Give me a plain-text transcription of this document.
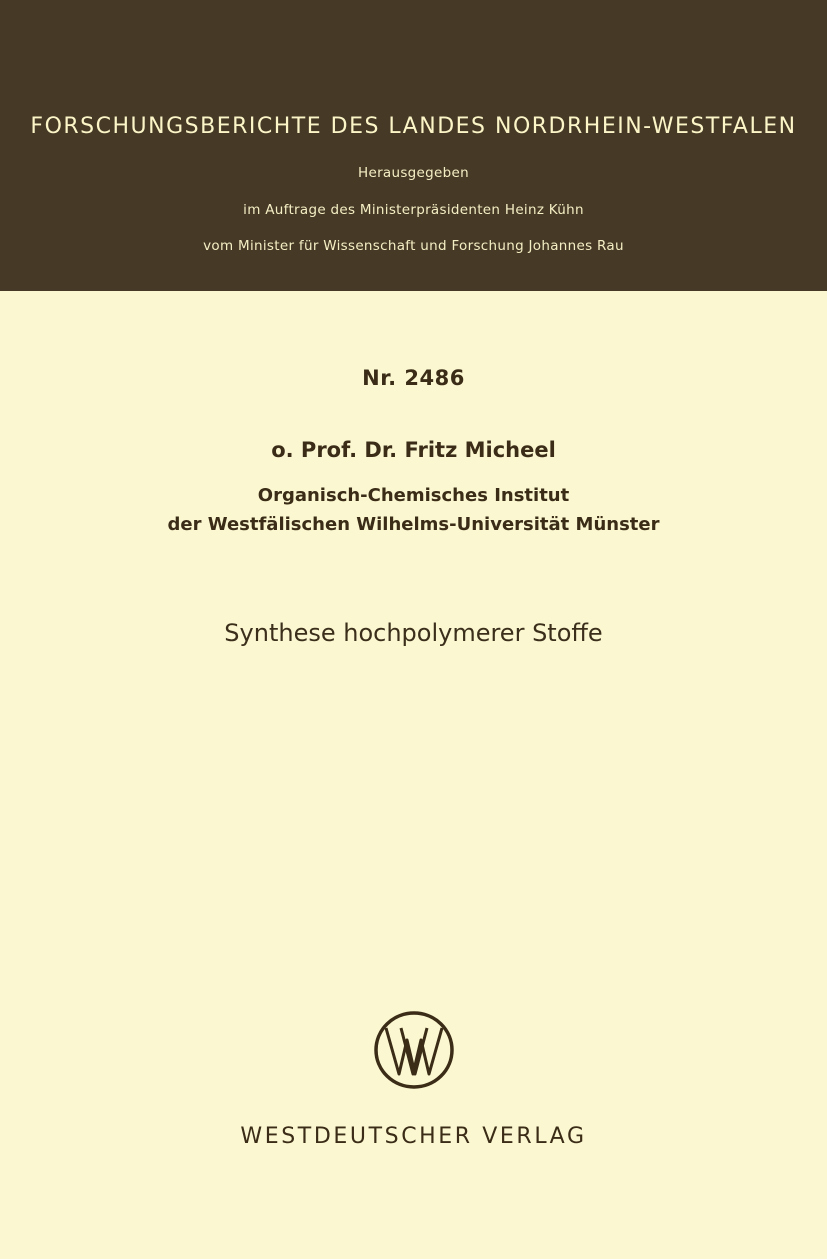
FORSCHUNGSBERICHTE DES LANDES NORDRHEIN-WESTFALEN
Herausgegeben
im Auftrage des Ministerpräsidenten Heinz Kühn
vom Minister für Wissenschaft und Forschung Johannes Rau
Nr. 2486
o. Prof. Dr. Fritz Micheel
Organisch-Chemisches Institut
der Westfälischen Wilhelms-Universität Münster
Synthese hochpolymerer Stoffe
WESTDEUTSCHER VERLAG
